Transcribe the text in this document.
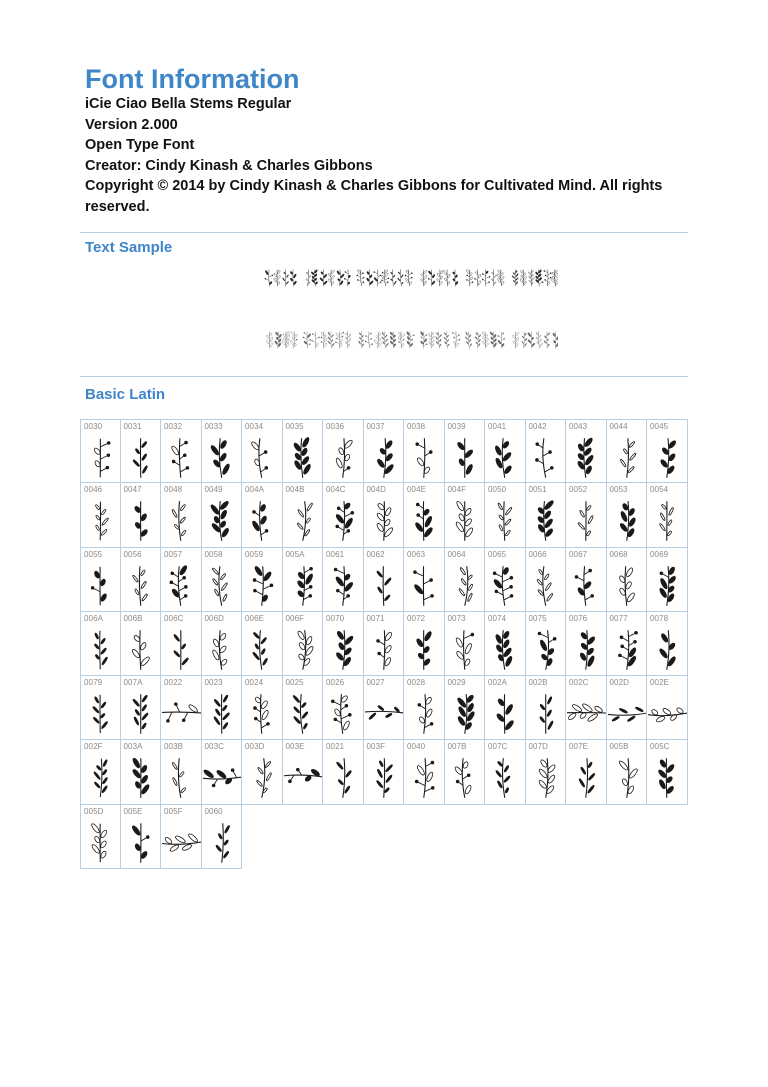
Font Information
iCie Ciao Bella Stems Regular
Version 2.000
Open Type Font
Creator: Cindy Kinash & Charles Gibbons
Copyright © 2014 by Cindy Kinash & Charles Gibbons for Cultivated Mind. All rights reserved.
Text Sample
Basic Latin
0030	0031	0032	0033	0034	0035	0036	0037	0038	0039	0041	0042	0043	0044	0045
0046	0047	0048	0049	004A	004B	004C	004D	004E	004F	0050	0051	0052	0053	0054
0055	0056	0057	0058	0059	005A	0061	0062	0063	0064	0065	0066	0067	0068	0069
006A	006B	006C	006D	006E	006F	0070	0071	0072	0073	0074	0075	0076	0077	0078
0079	007A	0022	0023	0024	0025	0026	0027	0028	0029	002A	002B	002C	002D	002E
002F	003A	003B	003C	003D	003E	0021	003F	0040	007B	007C	007D	007E	005B	005C
005D 005E	005F	0060
